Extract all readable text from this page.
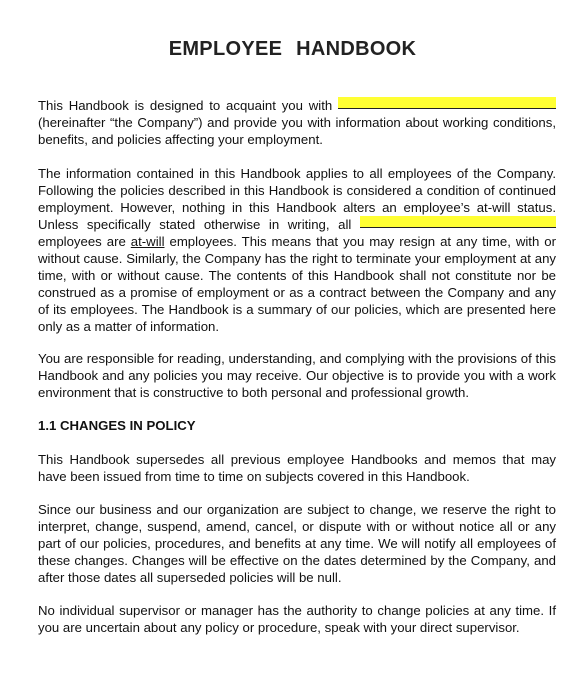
EMPLOYEE HANDBOOK
This Handbook is designed to acquaint you with  (hereinafter “the Company”) and provide you with information about working conditions, benefits, and policies affecting your employment.
The information contained in this Handbook applies to all employees of the Company. Following the policies described in this Handbook is considered a condition of continued employment. However, nothing in this Handbook alters an employee’s at-will status. Unless specifically stated otherwise in writing, all  employees are at-will employees. This means that you may resign at any time, with or without cause. Similarly, the Company has the right to terminate your employment at any time, with or without cause. The contents of this Handbook shall not constitute nor be construed as a promise of employment or as a contract between the Company and any of its employees. The Handbook is a summary of our policies, which are presented here only as a matter of information.
You are responsible for reading, understanding, and complying with the provisions of this Handbook and any policies you may receive. Our objective is to provide you with a work environment that is constructive to both personal and professional growth.
1.1 CHANGES IN POLICY
This Handbook supersedes all previous employee Handbooks and memos that may have been issued from time to time on subjects covered in this Handbook.
Since our business and our organization are subject to change, we reserve the right to interpret, change, suspend, amend, cancel, or dispute with or without notice all or any part of our policies, procedures, and benefits at any time. We will notify all employees of these changes. Changes will be effective on the dates determined by the Company, and after those dates all superseded policies will be null.
No individual supervisor or manager has the authority to change policies at any time. If you are uncertain about any policy or procedure, speak with your direct supervisor.
